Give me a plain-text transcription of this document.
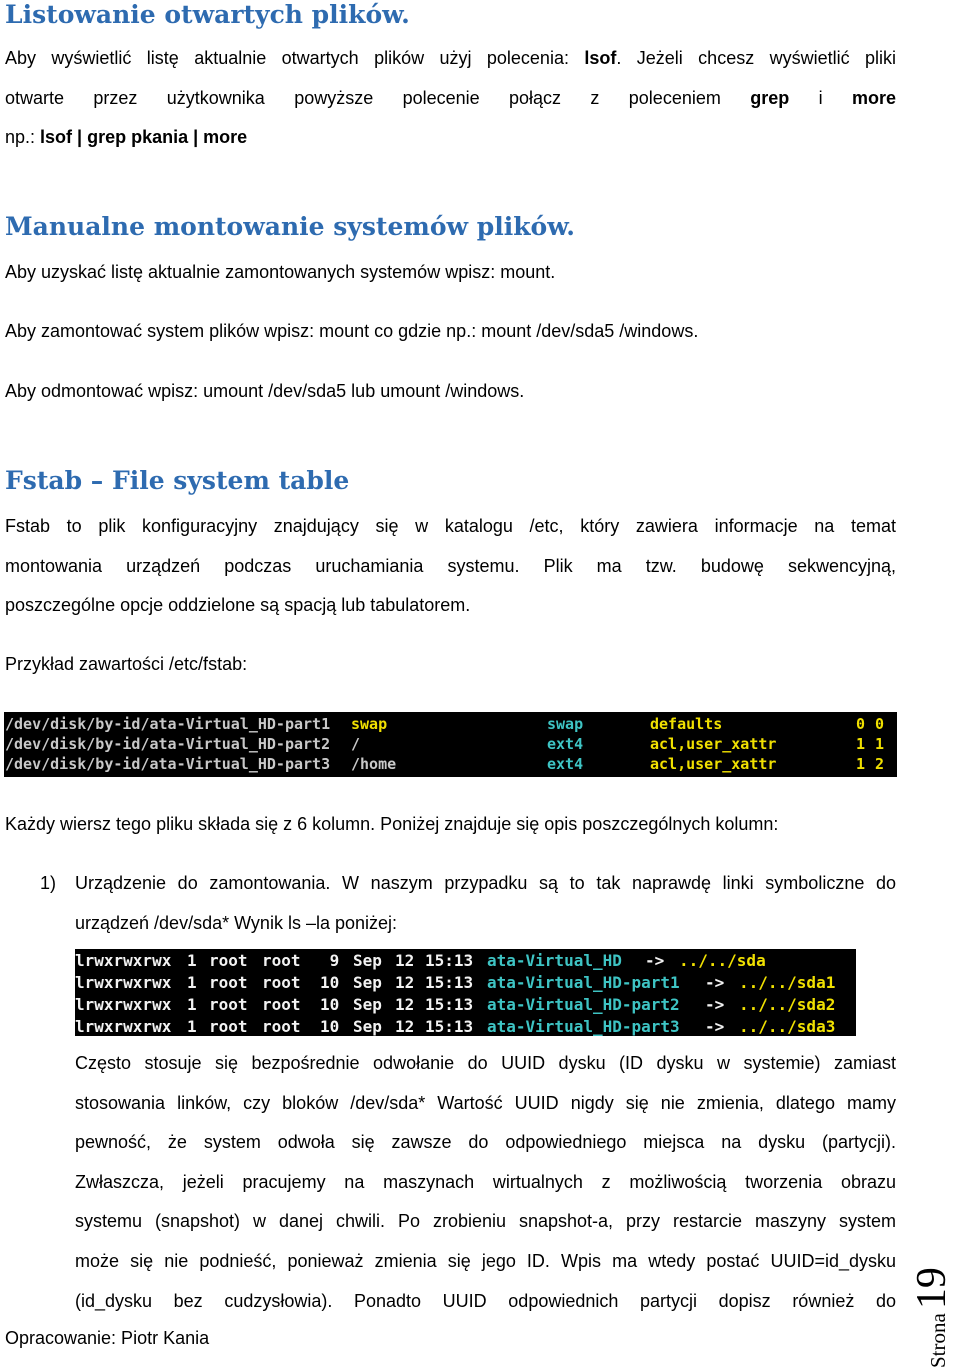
Listowanie otwartych plików.
Aby wyświetlić listę aktualnie otwartych plików użyj polecenia: lsof. Jeżeli chcesz wyświetlić pliki
otwarte przez użytkownika powyższe polecenie połącz z poleceniem grep i more
np.: lsof | grep pkania | more
Manualne montowanie systemów plików.
Aby uzyskać listę aktualnie zamontowanych systemów wpisz: mount.
Aby zamontować system plików wpisz: mount co gdzie np.: mount /dev/sda5 /windows.
Aby odmontować wpisz: umount /dev/sda5 lub umount /windows.
Fstab – File system table
Fstab to plik konfiguracyjny znajdujący się w katalogu /etc, który zawiera informacje na temat
montowania urządzeń podczas uruchamiania systemu. Plik ma tzw. budowę sekwencyjną,
poszczególne opcje oddzielone są spacją lub tabulatorem.
Przykład zawartości /etc/fstab:
/dev/disk/by-id/ata-Virtual_HD-part1 swap	swap	defaults	0 0
/dev/disk/by-id/ata-Virtual_HD-part2 /	ext4	acl,user_xattr	1 1
/dev/disk/by-id/ata-Virtual_HD-part3 /home	ext4	acl,user_xattr	1 2
Każdy wiersz tego pliku składa się z 6 kolumn. Poniżej znajduje się opis poszczególnych kolumn:
1) Urządzenie do zamontowania. W naszym przypadku są to tak naprawdę linki symboliczne do
urządzeń /dev/sda* Wynik ls –la poniżej:
lrwxrwxrwx 1 root root 9 Sep 12 15:13 ata-Virtual_HD -> ../../sda
lrwxrwxrwx 1 root root 10 Sep 12 15:13 ata-Virtual_HD-part1 -> ../../sda1
lrwxrwxrwx 1 root root 10 Sep 12 15:13 ata-Virtual_HD-part2 -> ../../sda2
lrwxrwxrwx 1 root root 10 Sep 12 15:13 ata-Virtual_HD-part3 -> ../../sda3
Często stosuje się bezpośrednie odwołanie do UUID dysku (ID dysku w systemie) zamiast
stosowania linków, czy bloków /dev/sda* Wartość UUID nigdy się nie zmienia, dlatego mamy
pewność, że system odwoła się zawsze do odpowiedniego miejsca na dysku (partycji).
Zwłaszcza, jeżeli pracujemy na maszynach wirtualnych z możliwością tworzenia obrazu
systemu (snapshot) w danej chwili. Po zrobieniu snapshot-a, przy restarcie maszyny system
może się nie podnieść, ponieważ zmienia się jego ID. Wpis ma wtedy postać UUID=id_dysku
(id_dysku bez cudzysłowia). Ponadto UUID odpowiednich partycji dopisz również do
Opracowanie: Piotr Kania	Strona 19
